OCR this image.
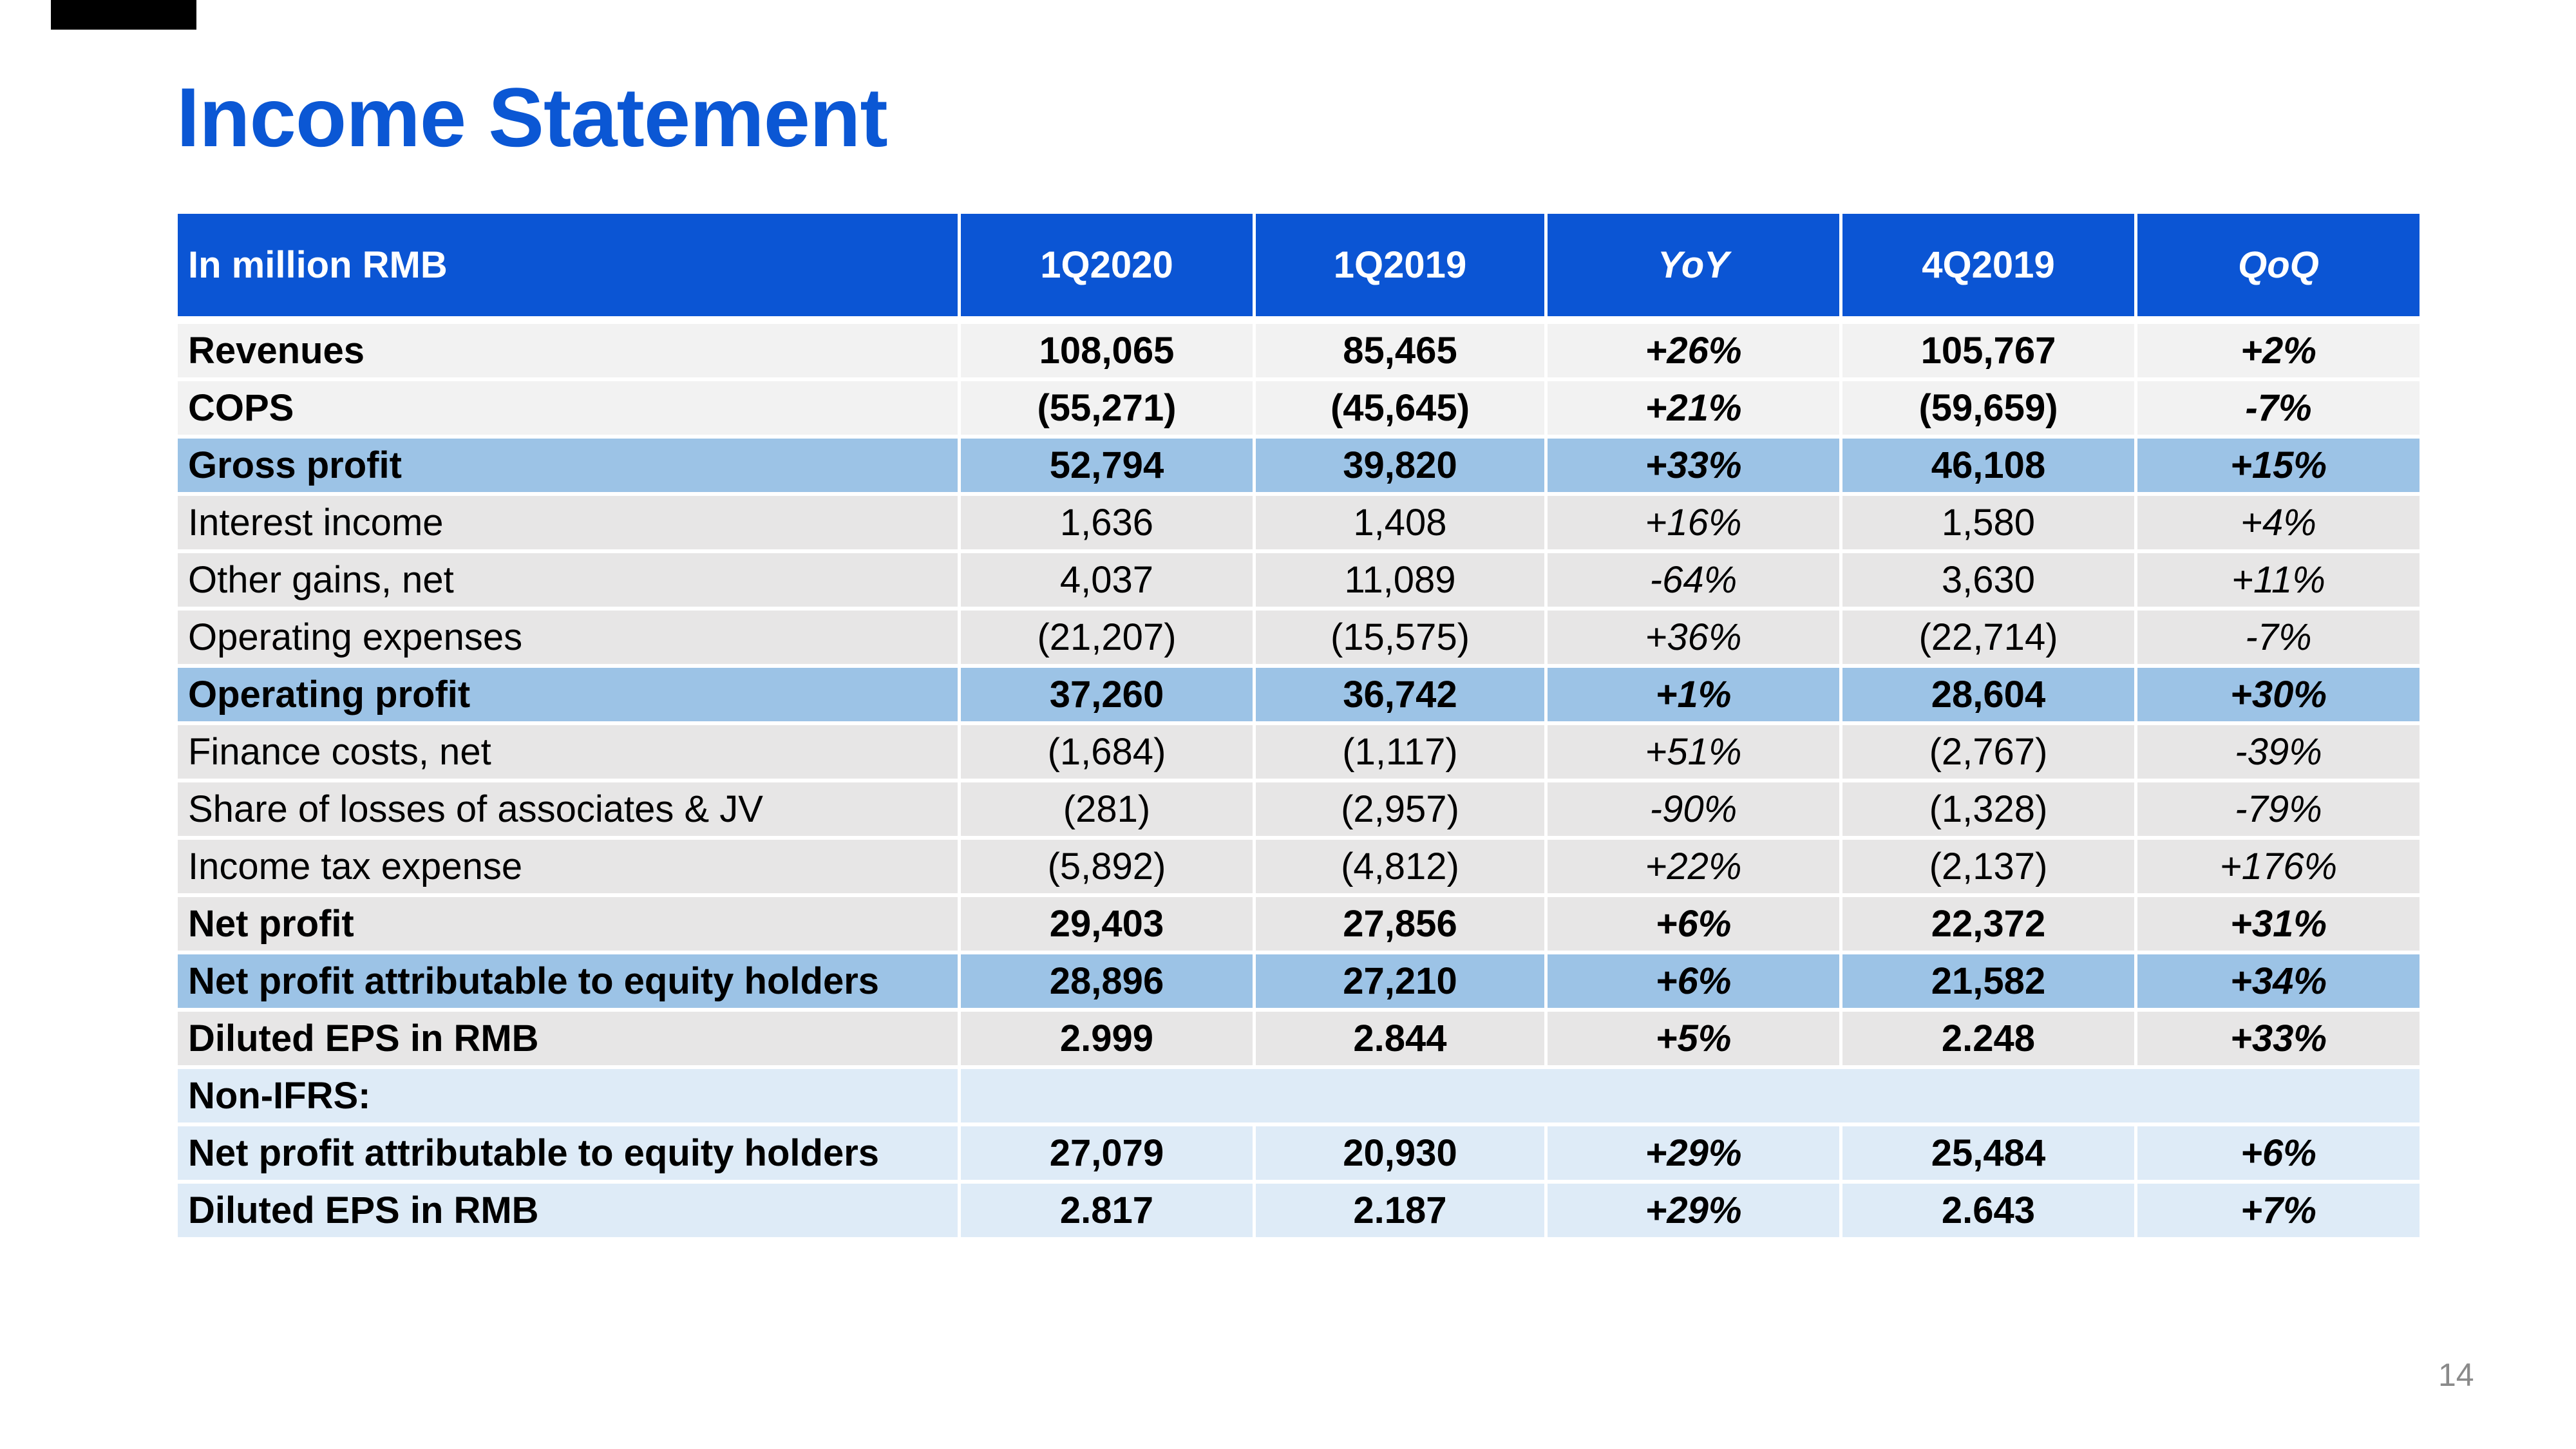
Income Statement
In million RMB	1Q2020	1Q2019	YoY	4Q2019	QoQ
Revenues	108,065	85,465	+26%	105,767	+2%
COPS	(55,271)	(45,645)	+21%	(59,659)	-7%
Gross profit	52,794	39,820	+33%	46,108	+15%
Interest income	1,636	1,408	+16%	1,580	+4%
Other gains, net	4,037	11,089	-64%	3,630	+11%
Operating expenses	(21,207)	(15,575)	+36%	(22,714)	-7%
Operating profit	37,260	36,742	+1%	28,604	+30%
Finance costs, net	(1,684)	(1,117)	+51%	(2,767)	-39%
Share of losses of associates & JV	(281)	(2,957)	-90%	(1,328)	-79%
Income tax expense	(5,892)	(4,812)	+22%	(2,137)	+176%
Net profit	29,403	27,856	+6%	22,372	+31%
Net profit attributable to equity holders	28,896	27,210	+6%	21,582	+34%
Diluted EPS in RMB	2.999	2.844	+5%	2.248	+33%
Non-IFRS:					
Net profit attributable to equity holders	27,079	20,930	+29%	25,484	+6%
Diluted EPS in RMB	2.817	2.187	+29%	2.643	+7%
14
